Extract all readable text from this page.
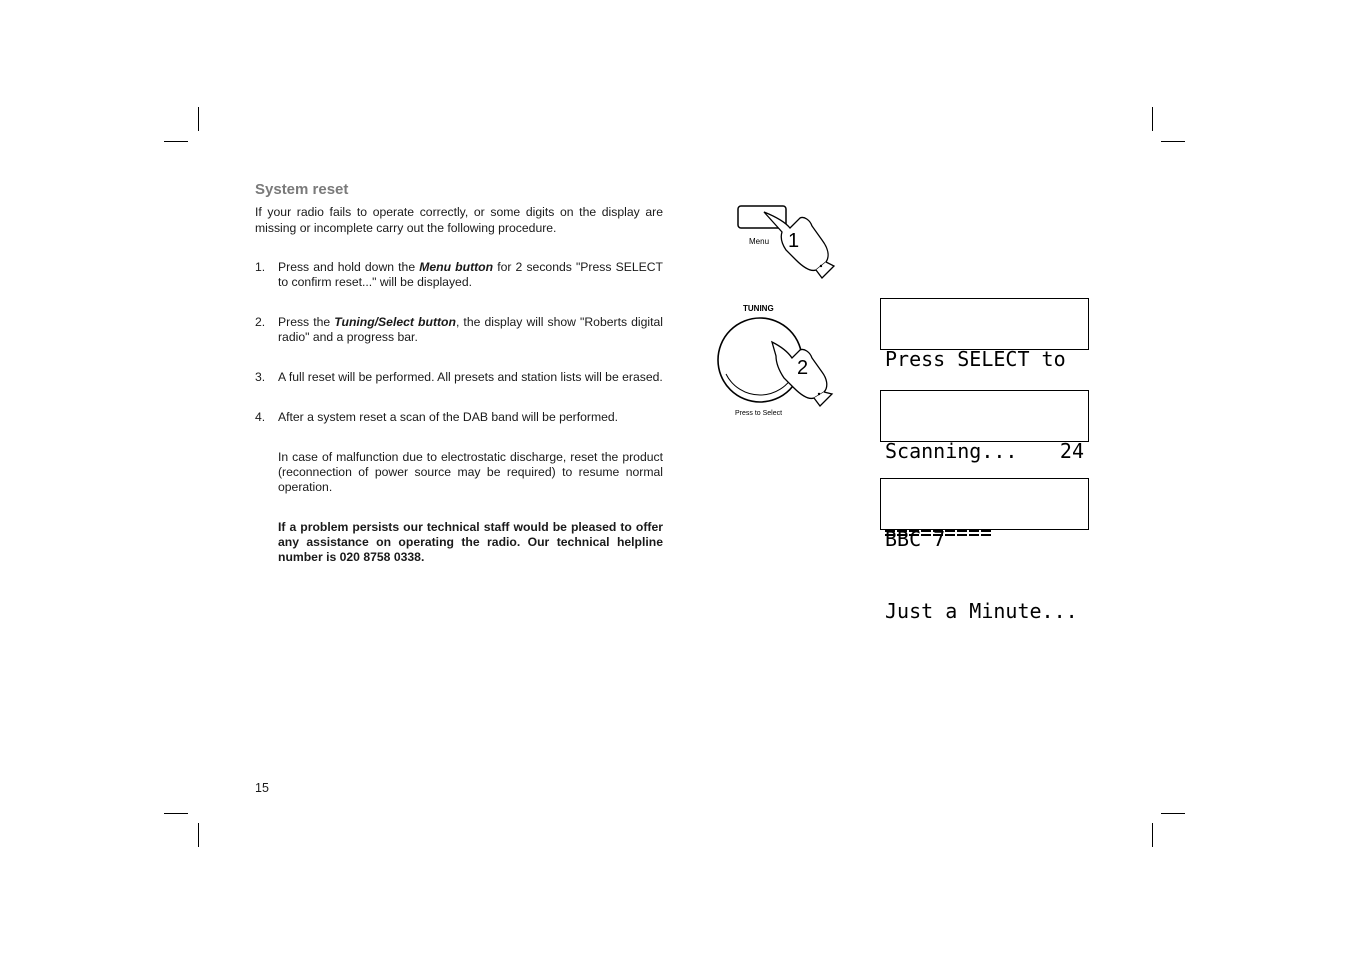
System reset

If your radio fails to operate correctly, or some digits on the display are missing or incomplete carry out the following procedure.

1. Press and hold down the Menu button for 2 seconds "Press SELECT to confirm reset..." will be displayed.
2. Press the Tuning/Select button, the display will show "Roberts digital radio" and a progress bar.
3. A full reset will be performed. All presets and station lists will be erased.
4. After a system reset a scan of the DAB band will be performed.
In case of malfunction due to electrostatic discharge, reset the product (reconnection of power source may be required) to resume normal operation.
If a problem persists our technical staff would be pleased to offer any assistance on operating the radio. Our technical helpline number is 020 8758 0338.
15
Menu 1
TUNING
2
Press to Select

Press SELECT to

Scanning... 24

BBC 7

Just a Minute...
